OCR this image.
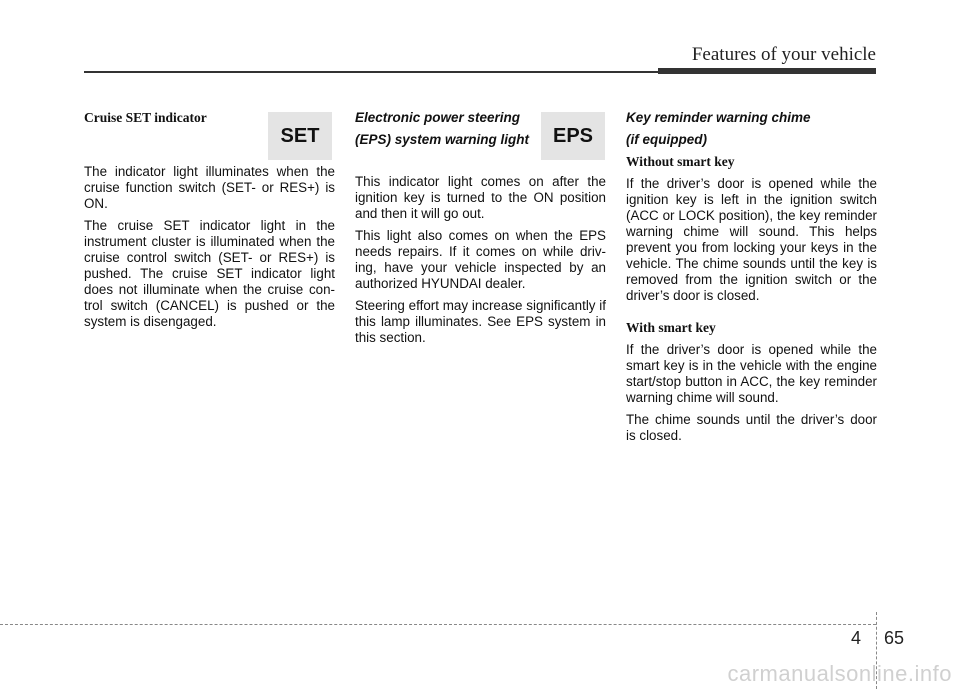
Features of your vehicle

Cruise SET indicator

The indicator light illuminates when the cruise function switch (SET- or RES+) is ON.

The cruise SET indicator light in the instrument cluster is illuminated when the cruise control switch (SET- or RES+) is pushed. The cruise SET indicator light does not illuminate when the cruise con-trol switch (CANCEL) is pushed or the system is disengaged.

SET

Electronic power steering

(EPS) system warning light

This indicator light comes on after the ignition key is turned to the ON position and then it will go out.

This light also comes on when the EPS needs repairs. If it comes on while driv-ing, have your vehicle inspected by an authorized HYUNDAI dealer.

Steering effort may increase significantly if this lamp illuminates. See EPS system in this section.

EPS

Key reminder warning chime

(if equipped)

Without smart key

If the driver’s door is opened while the ignition key is left in the ignition switch (ACC or LOCK position), the key reminder warning chime will sound. This helps prevent you from locking your keys in the vehicle. The chime sounds until the key is removed from the ignition switch or the driver’s door is closed.

With smart key

If the driver’s door is opened while the smart key is in the vehicle with the engine start/stop button in ACC, the key reminder warning chime will sound.

The chime sounds until the driver’s door is closed.

4 65
carmanualsonline.info
